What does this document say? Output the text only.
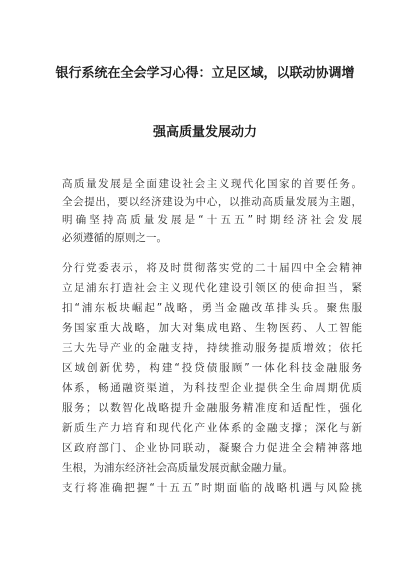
银行系统在全会学习心得：立足区域，以联动协调增
强高质量发展动力
高质量发展是全面建设社会主义现代化国家的首要任务。
全会提出，要以经济建设为中心，以推动高质量发展为主题，
明确坚持高质量发展是“十五五”时期经济社会发展
必须遵循的原则之一。
分行党委表示，将及时贯彻落实党的二十届四中全会精神
立足浦东打造社会主义现代化建设引领区的使命担当，紧
扣“浦东板块崛起”战略，勇当金融改革排头兵。聚焦服
务国家重大战略，加大对集成电路、生物医药、人工智能
三大先导产业的金融支持，持续推动服务提质增效；依托
区域创新优势，构建“投贷债服顾”一体化科技金融服务
体系，畅通融资渠道，为科技型企业提供全生命周期优质
服务；以数智化战略提升金融服务精准度和适配性，强化
新质生产力培育和现代化产业体系的金融支撑；深化与新
区政府部门、企业协同联动，凝聚合力促进全会精神落地
生根，为浦东经济社会高质量发展贡献金融力量。
支行将准确把握“十五五”时期面临的战略机遇与风险挑
